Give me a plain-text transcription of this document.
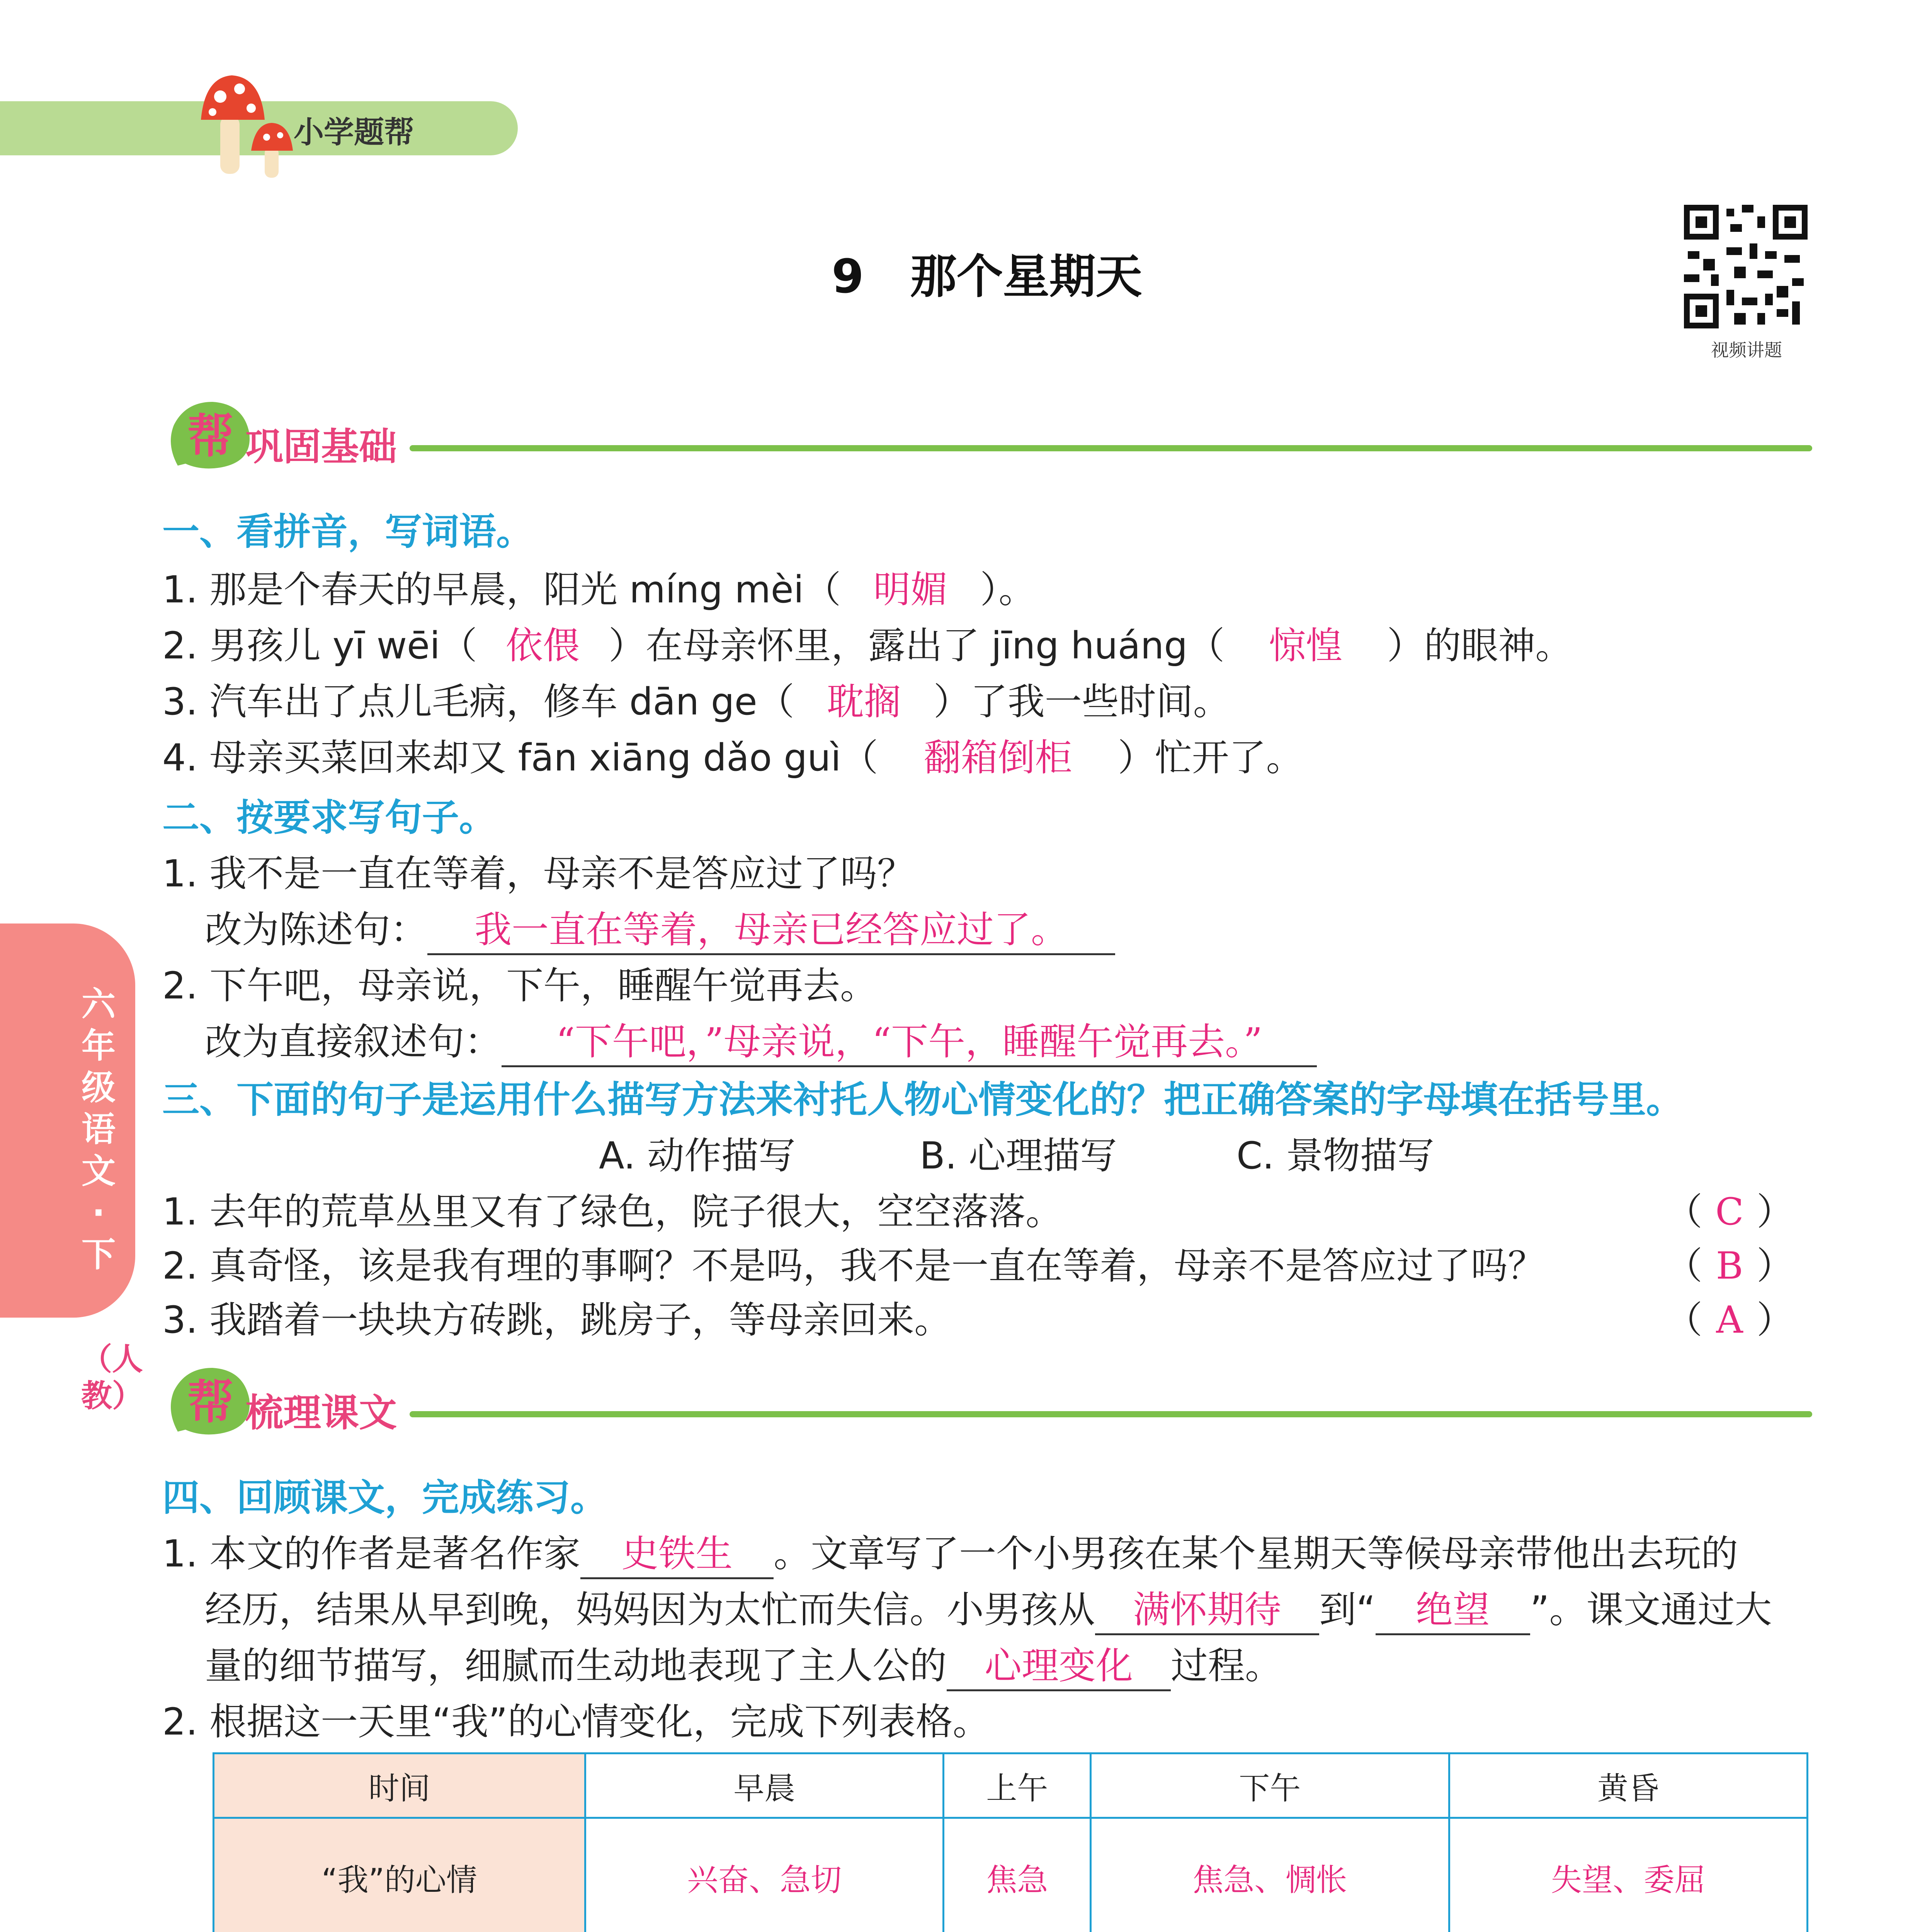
小学题帮
9　那个星期天
视频讲题
帮 巩固基础
一、看拼音，写词语。
1. 那是个春天的早晨，阳光 míng mèi（ 明媚 ）。
2. 男孩儿 yī wēi（ 依偎 ）在母亲怀里，露出了 jīng huáng（ 惊惶 ）的眼神。
3. 汽车出了点儿毛病，修车 dān ge（ 耽搁 ）了我一些时间。
4. 母亲买菜回来却又 fān xiāng dǎo guì（ 翻箱倒柜 ）忙开了。
二、按要求写句子。
1. 我不是一直在等着，母亲不是答应过了吗？
改为陈述句： 我一直在等着，母亲已经答应过了。
2. 下午吧，母亲说，下午，睡醒午觉再去。
改为直接叙述句： “下午吧，”母亲说，“下午，睡醒午觉再去。”
三、下面的句子是运用什么描写方法来衬托人物心情变化的？把正确答案的字母填在括号里。
A. 动作描写	B. 心理描写	C. 景物描写
1. 去年的荒草丛里又有了绿色，院子很大，空空落落。	（ C ）
2. 真奇怪，该是我有理的事啊？不是吗，我不是一直在等着，母亲不是答应过了吗？	（ B ）
3. 我踏着一块块方砖跳，跳房子，等母亲回来。	（ A ）
六年级语文·下
（人教） 帮 梳理课文
四、回顾课文，完成练习。
1. 本文的作者是著名作家 史铁生 。文章写了一个小男孩在某个星期天等候母亲带他出去玩的
经历，结果从早到晚，妈妈因为太忙而失信。小男孩从 满怀期待 到“ 绝望 ”。课文通过大
量的细节描写，细腻而生动地表现了主人公的 心理变化 过程。
2. 根据这一天里“我”的心情变化，完成下列表格。
时间	早晨	上午	下午	黄昏
“我”的心情	兴奋、急切	焦急	焦急、惆怅	失望、委屈
